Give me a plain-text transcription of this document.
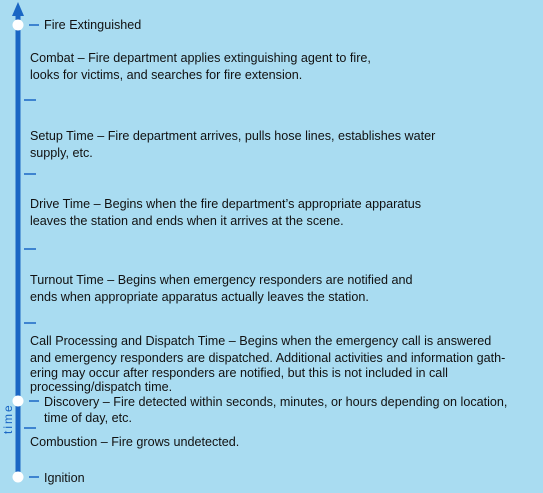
time
Fire Extinguished
Combat – Fire department applies extinguishing agent to fire,
looks for victims, and searches for fire extension.
Setup Time – Fire department arrives, pulls hose lines, establishes water
supply, etc.
Drive Time – Begins when the fire department’s appropriate apparatus
leaves the station and ends when it arrives at the scene.
Turnout Time – Begins when emergency responders are notified and
ends when appropriate apparatus actually leaves the station.
Call Processing and Dispatch Time – Begins when the emergency call is answered
and emergency responders are dispatched. Additional activities and information gath-
ering may occur after responders are notified, but this is not included in call
processing/dispatch time.
Discovery – Fire detected within seconds, minutes, or hours depending on location,
time of day, etc.
Combustion – Fire grows undetected.
Ignition
